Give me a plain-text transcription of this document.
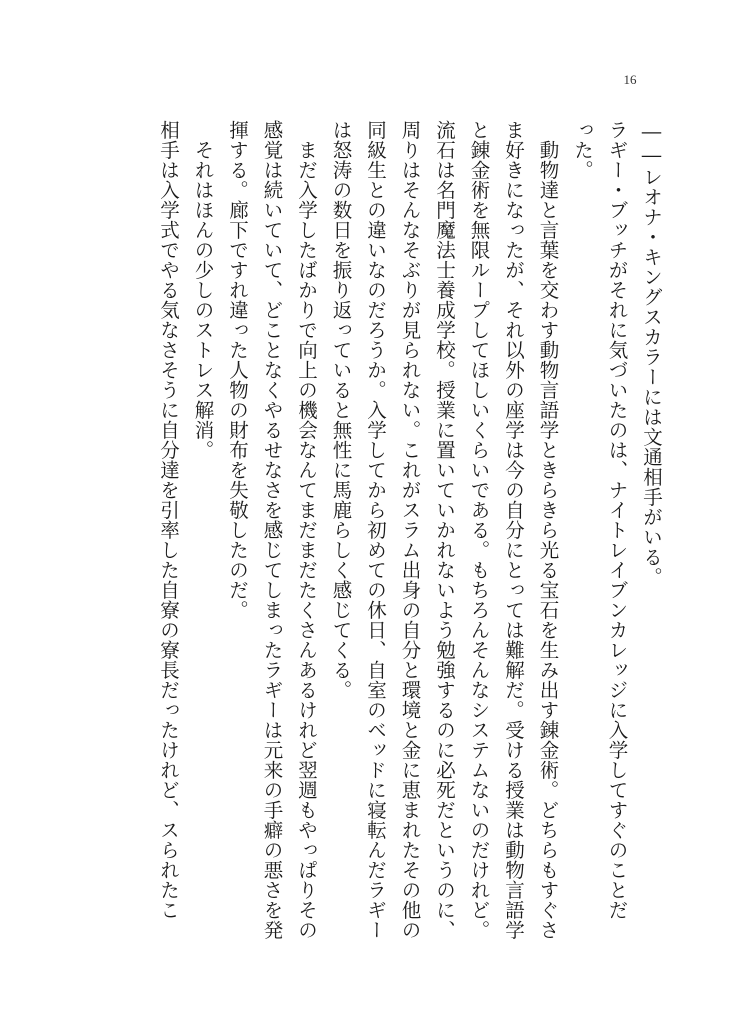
16

――レオナ・キングスカラーには文通相手がいる。

ラギー・ブッチがそれに気づいたのは、ナイトレイブンカレッジに入学してすぐのことだ

った。

動物達と言葉を交わす動物言語学ときらきら光る宝石を生み出す錬金術。どちらもすぐさ

ま好きになったが、それ以外の座学は今の自分にとっては難解だ。受ける授業は動物言語学

と錬金術を無限ループしてほしいくらいである。もちろんそんなシステムないのだけれど。

流石は名門魔法士養成学校。授業に置いていかれないよう勉強するのに必死だというのに、

周りはそんなそぶりが見られない。これがスラム出身の自分と環境と金に恵まれたその他の

同級生との違いなのだろうか。入学してから初めての休日、自室のベッドに寝転んだラギー

は怒涛の数日を振り返っていると無性に馬鹿らしく感じてくる。

まだ入学したばかりで向上の機会なんてまだまだたくさんあるけれど翌週もやっぱりその

感覚は続いていて、どことなくやるせなさを感じてしまったラギーは元来の手癖の悪さを発

揮する。廊下ですれ違った人物の財布を失敬したのだ。

それはほんの少しのストレス解消。

相手は入学式でやる気なさそうに自分達を引率した自寮の寮長だったけれど、スられたこ
